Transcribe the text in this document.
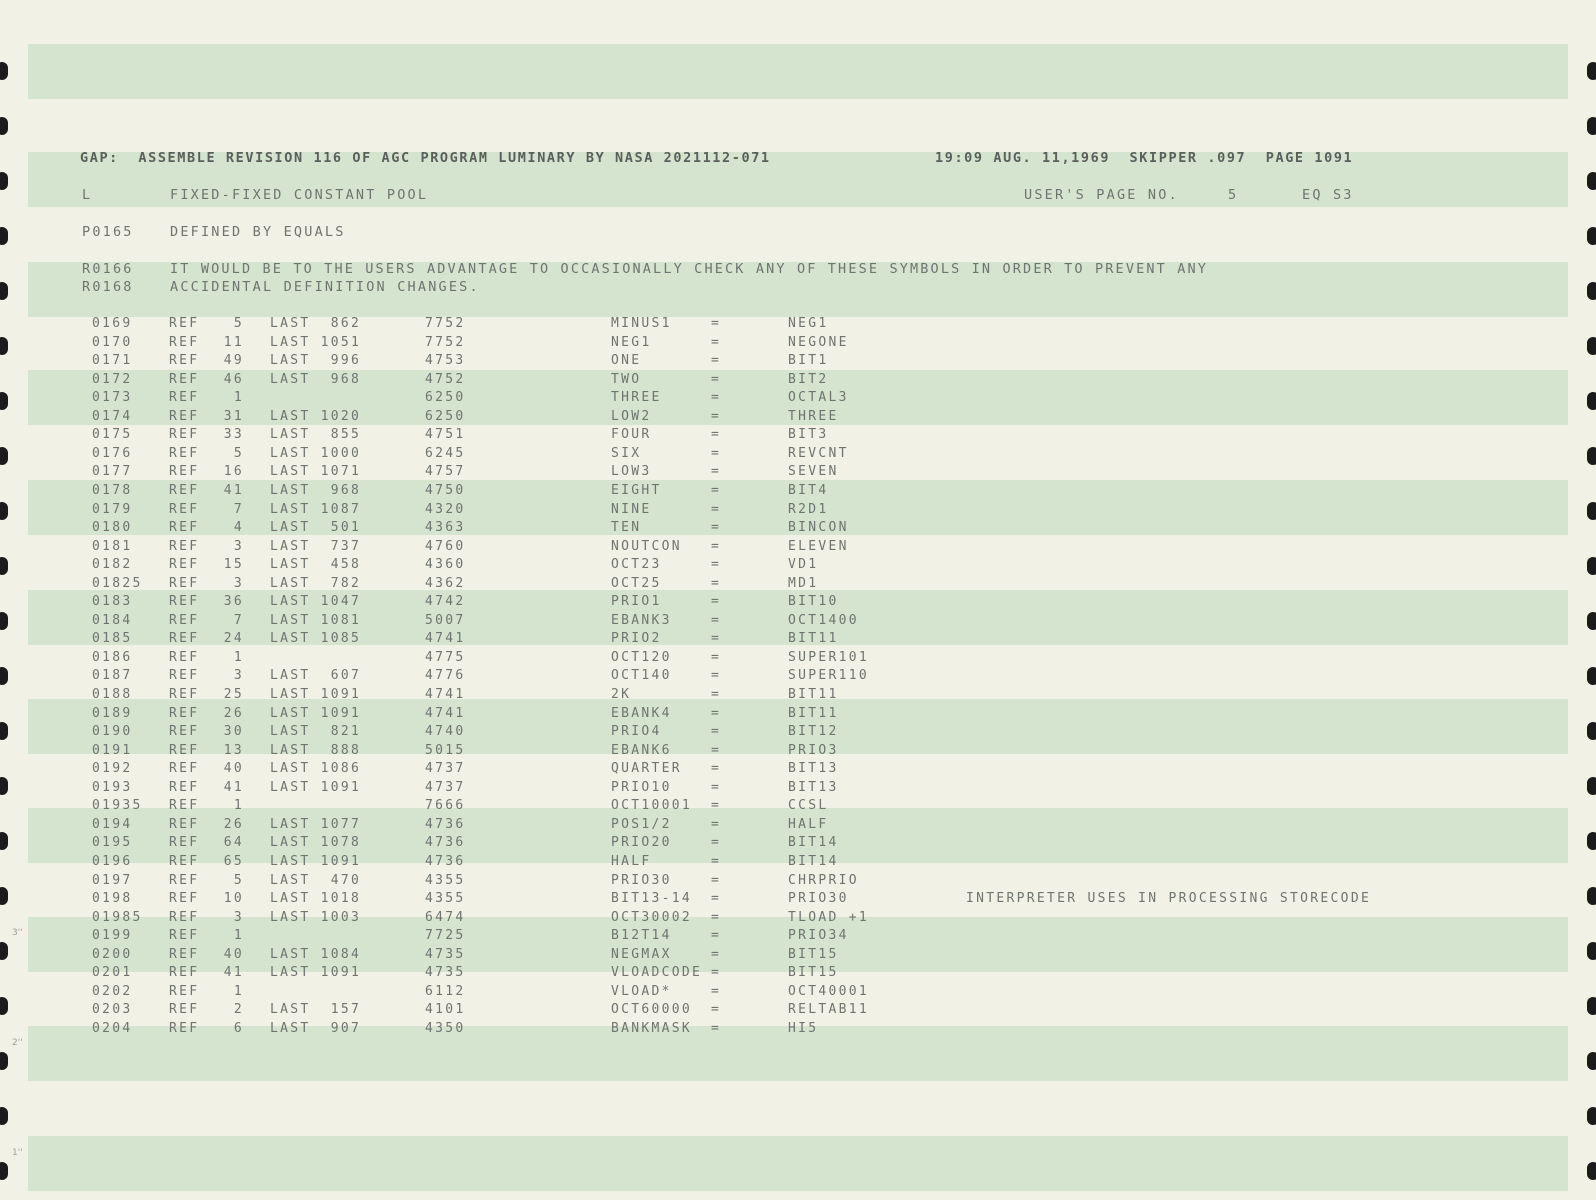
GAP:  ASSEMBLE REVISION 116 OF AGC PROGRAM LUMINARY BY NASA 2021112-071	19:09 AUG. 11,1969  SKIPPER .097  PAGE 1091
L	FIXED-FIXED CONSTANT POOL	USER'S PAGE NO.	5	EQ S3
P0165	DEFINED BY EQUALS
R0166	IT WOULD BE TO THE USERS ADVANTAGE TO OCCASIONALLY CHECK ANY OF THESE SYMBOLS IN ORDER TO PREVENT ANY
R0168	ACCIDENTAL DEFINITION CHANGES.
0169	REF	5 LAST  862	7752	MINUS1	=	NEG1
0170	REF	11 LAST 1051	7752	NEG1	=	NEGONE
0171	REF	49 LAST  996	4753	ONE	=	BIT1
0172	REF	46 LAST  968	4752	TWO	=	BIT2
0173	REF	1	6250	THREE	=	OCTAL3
0174	REF	31 LAST 1020	6250	LOW2	=	THREE
0175	REF	33 LAST  855	4751	FOUR	=	BIT3
0176	REF	5 LAST 1000	6245	SIX	=	REVCNT
0177	REF	16 LAST 1071	4757	LOW3	=	SEVEN
0178	REF	41 LAST  968	4750	EIGHT	=	BIT4
0179	REF	7 LAST 1087	4320	NINE	=	R2D1
0180	REF	4 LAST  501	4363	TEN	=	BINCON
0181	REF	3 LAST  737	4760	NOUTCON =	ELEVEN
0182	REF	15 LAST  458	4360	OCT23	=	VD1
01825 REF	3 LAST  782	4362	OCT25	=	MD1
0183	REF	36 LAST 1047	4742	PRIO1	=	BIT10
0184	REF	7 LAST 1081	5007	EBANK3	=	OCT1400
0185	REF	24 LAST 1085	4741	PRIO2	=	BIT11
0186	REF	1	4775	OCT120	=	SUPER101
0187	REF	3 LAST  607	4776	OCT140	=	SUPER110
0188	REF	25 LAST 1091	4741	2K	=	BIT11
0189	REF	26 LAST 1091	4741	EBANK4	=	BIT11
0190	REF	30 LAST  821	4740	PRIO4	=	BIT12
0191	REF	13 LAST  888	5015	EBANK6	=	PRIO3
0192	REF	40 LAST 1086	4737	QUARTER =	BIT13
0193	REF	41 LAST 1091	4737	PRIO10	=	BIT13
01935 REF	1	7666	OCT10001 =	CCSL
0194	REF	26 LAST 1077	4736	POS1/2	=	HALF
0195	REF	64 LAST 1078	4736	PRIO20	=	BIT14
0196	REF	65 LAST 1091	4736	HALF	=	BIT14
0197	REF	5 LAST  470	4355	PRIO30	=	CHRPRIO
0198	REF	10 LAST 1018	4355	BIT13-14 =	PRIO30	INTERPRETER USES IN PROCESSING STORECODE
01985 REF	3 LAST 1003	6474	OCT30002 =	TLOAD +1
0199	REF	1	7725	B12T14	=	PRIO34
0200	REF	40 LAST 1084	4735	NEGMAX	=	BIT15
0201	REF	41 LAST 1091	4735	VLOADCODE =	BIT15
0202	REF	1	6112	VLOAD*	=	OCT40001
0203	REF	2 LAST  157	4101	OCT60000 =	RELTAB11
0204	REF	6 LAST  907	4350	BANKMASK =	HI5
3''
2''
1''
